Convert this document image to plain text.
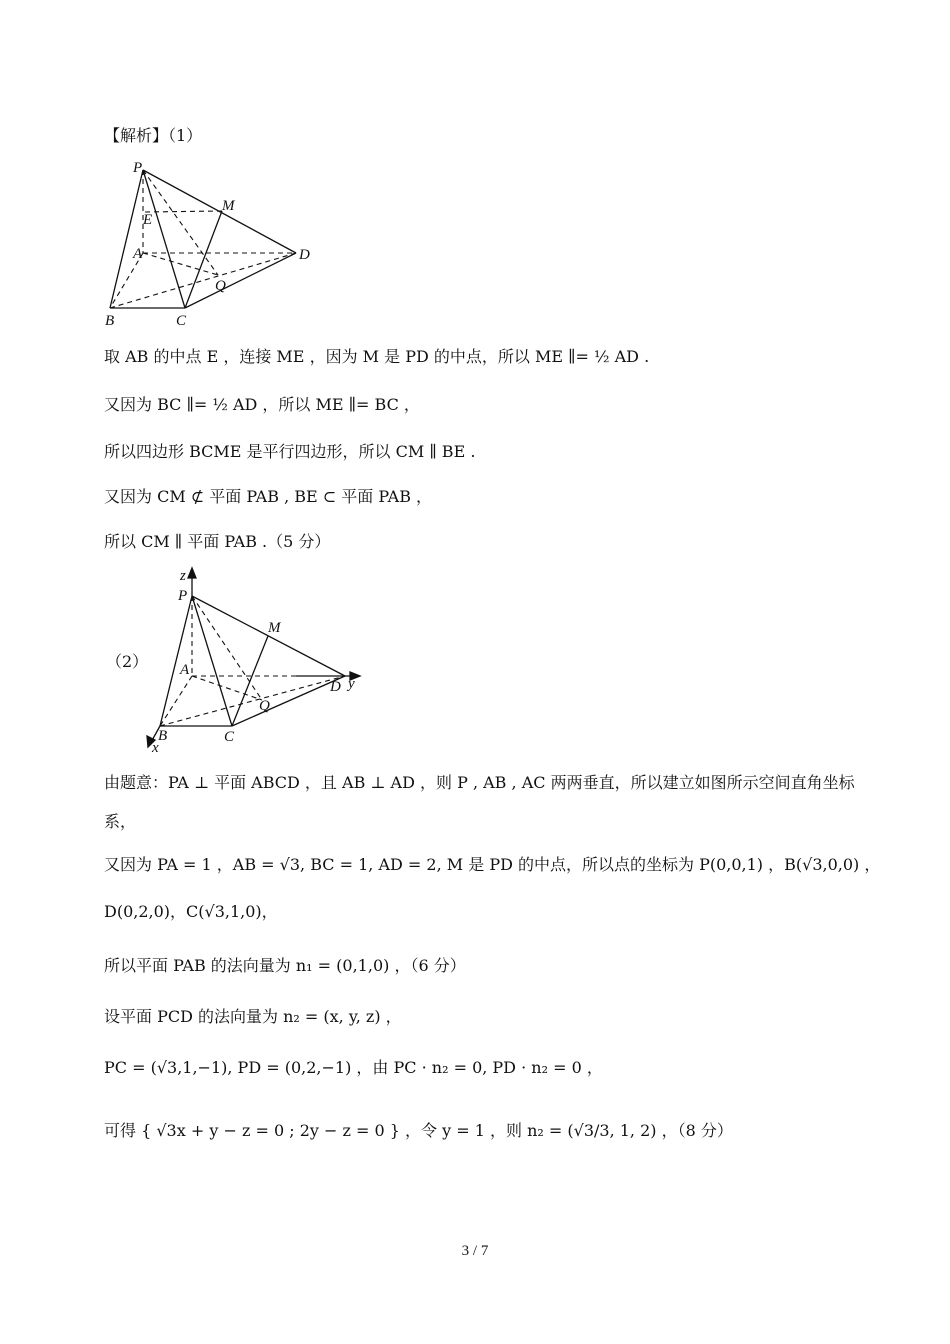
【解析】（1）
P
E
M
A	D
Q
B	C
取 AB 的中点 E ，连接 ME ，因为 M 是 PD 的中点，所以 ME ∥= ½ AD .
又因为 BC ∥= ½ AD ，所以 ME ∥= BC ，
所以四边形 BCME 是平行四边形，所以 CM ∥ BE .
又因为 CM ⊄ 平面 PAB , BE ⊂ 平面 PAB ，
所以 CM ∥ 平面 PAB .（5 分）
（2）
z
P
M
A
D y
Q
B	C
x
由题意：PA ⊥ 平面 ABCD ，且 AB ⊥ AD ，则 P , AB , AC 两两垂直，所以建立如图所示空间直角坐标
系，
又因为 PA = 1 ，AB = √3, BC = 1, AD = 2, M 是 PD 的中点，所以点的坐标为 P(0,0,1) ，B(√3,0,0) ，
D(0,2,0)，C(√3,1,0)，
所以平面 PAB 的法向量为 n₁ = (0,1,0) ，（6 分）
设平面 PCD 的法向量为 n₂ = (x, y, z) ，
PC = (√3,1,−1), PD = (0,2,−1) ，由 PC · n₂ = 0, PD · n₂ = 0 ，
可得 { √3x + y − z = 0 ; 2y − z = 0 } ，令 y = 1 ，则 n₂ = (√3/3, 1, 2) ，（8 分）
3 / 7
